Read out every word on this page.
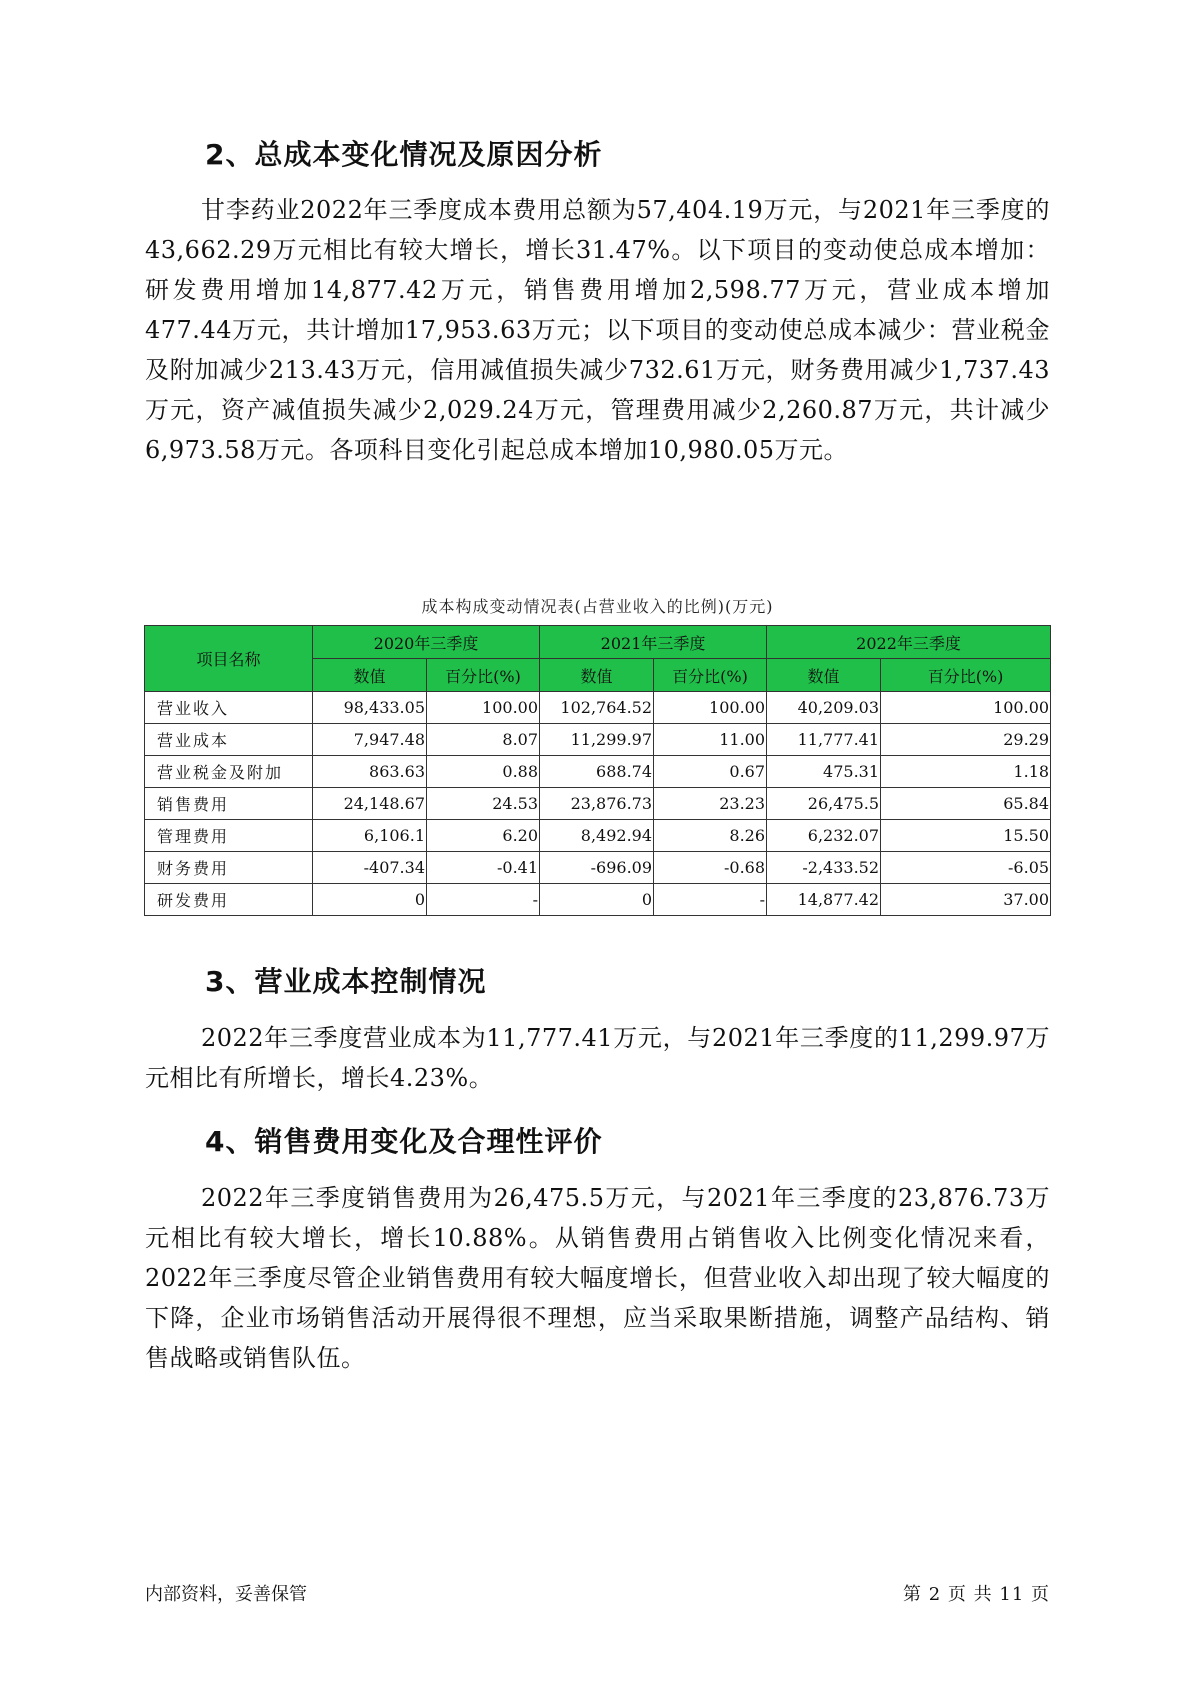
2、总成本变化情况及原因分析

甘李药业2022年三季度成本费用总额为57,404.19万元，与2021年三季度的43,662.29万元相比有较大增长，增长31.47%。以下项目的变动使总成本增加：研发费用增加14,877.42万元，销售费用增加2,598.77万元，营业成本增加477.44万元，共计增加17,953.63万元；以下项目的变动使总成本减少：营业税金及附加减少213.43万元，信用减值损失减少732.61万元，财务费用减少1,737.43万元，资产减值损失减少2,029.24万元，管理费用减少2,260.87万元，共计减少6,973.58万元。各项科目变化引起总成本增加10,980.05万元。

成本构成变动情况表(占营业收入的比例)(万元)
项目名称	2020年三季度		2021年三季度		2022年三季度	
	数值	百分比(%)	数值	百分比(%)	数值	百分比(%)
营业收入	98,433.05	100.00	102,764.52	100.00	40,209.03	100.00
营业成本	7,947.48	8.07	11,299.97	11.00	11,777.41	29.29
营业税金及附加	863.63	0.88	688.74	0.67	475.31	1.18
销售费用	24,148.67	24.53	23,876.73	23.23	26,475.5	65.84
管理费用	6,106.1	6.20	8,492.94	8.26	6,232.07	15.50
财务费用	-407.34	-0.41	-696.09	-0.68	-2,433.52	-6.05
研发费用	0	-	0	-	14,877.42	37.00
3、营业成本控制情况

2022年三季度营业成本为11,777.41万元，与2021年三季度的11,299.97万元相比有所增长，增长4.23%。

4、销售费用变化及合理性评价

2022年三季度销售费用为26,475.5万元，与2021年三季度的23,876.73万元相比有较大增长，增长10.88%。从销售费用占销售收入比例变化情况来看，2022年三季度尽管企业销售费用有较大幅度增长，但营业收入却出现了较大幅度的下降，企业市场销售活动开展得很不理想，应当采取果断措施，调整产品结构、销售战略或销售队伍。

内部资料，妥善保管	第 2 页 共 11 页
